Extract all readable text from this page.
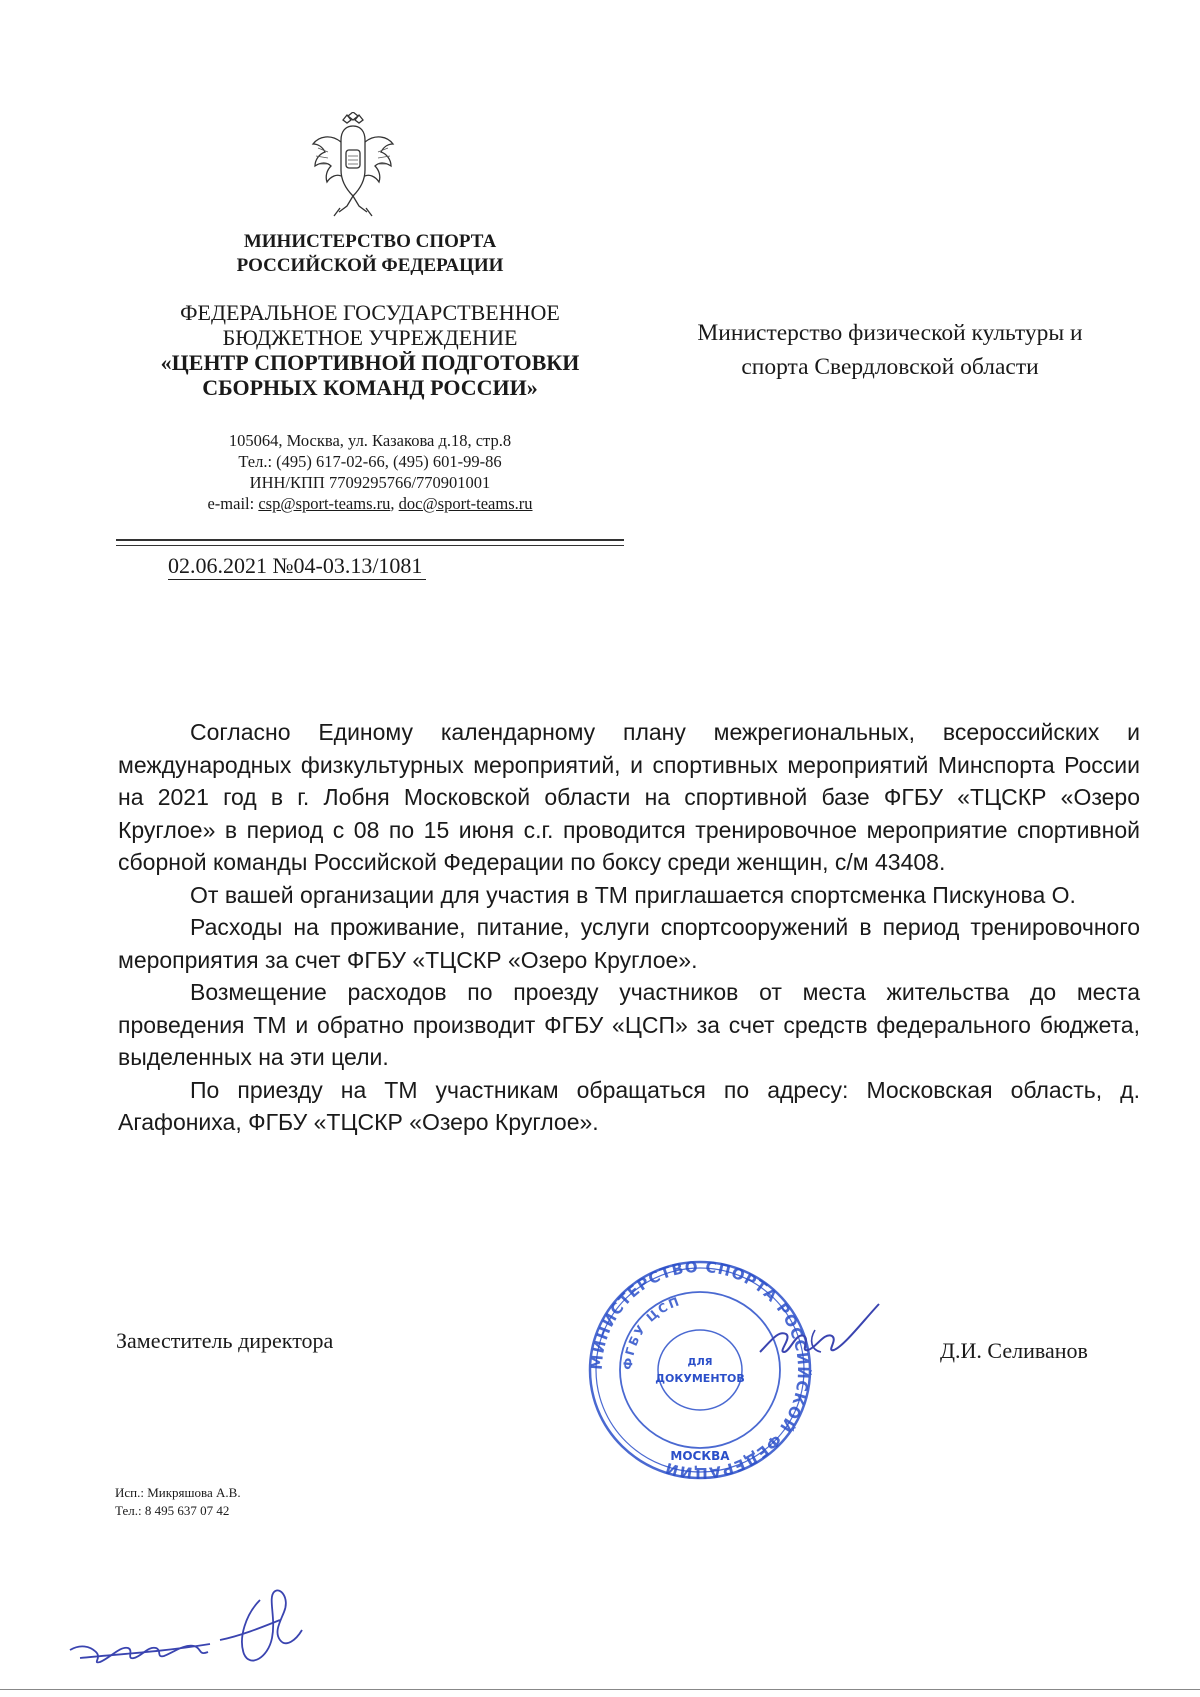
МИНИСТЕРСТВО СПОРТА
РОССИЙСКОЙ ФЕДЕРАЦИИ
ФЕДЕРАЛЬНОЕ ГОСУДАРСТВЕННОЕ
БЮДЖЕТНОЕ УЧРЕЖДЕНИЕ
«ЦЕНТР СПОРТИВНОЙ ПОДГОТОВКИ
СБОРНЫХ КОМАНД РОССИИ»
105064, Москва, ул. Казакова д.18, стр.8
Тел.: (495) 617-02-66, (495) 601-99-86
ИНН/КПП 7709295766/770901001
e-mail: csp@sport-teams.ru, doc@sport-teams.ru
02.06.2021 №04-03.13/1081
Министерство физической культуры и
спорта Свердловской области

Согласно Единому календарному плану межрегиональных, всероссийских и международных физкультурных мероприятий, и спортивных мероприятий Минспорта России на 2021 год в г. Лобня Московской области на спортивной базе ФГБУ «ТЦСКР «Озеро Круглое» в период с 08 по 15 июня с.г. проводится тренировочное мероприятие спортивной сборной команды Российской Федерации по боксу среди женщин, с/м 43408.

От вашей организации для участия в ТМ приглашается спортсменка Пискунова О.

Расходы на проживание, питание, услуги спортсооружений в период тренировочного мероприятия за счет ФГБУ «ТЦСКР «Озеро Круглое».

Возмещение расходов по проезду участников от места жительства до места проведения ТМ и обратно производит ФГБУ «ЦСП» за счет средств федерального бюджета, выделенных на эти цели.

По приезду на ТМ участникам обращаться по адресу: Московская область, д. Агафониха, ФГБУ «ТЦСКР «Озеро Круглое».

Заместитель директора	Д.И. Селиванов
МИНИСТЕРСТВО СПОРТА РОССИЙСКОЙ ФЕДЕРАЦИИ
ФГБУ ЦСП
ДЛЯ
ДОКУМЕНТОВ
МОСКВА
Исп.: Микряшова А.В.
Тел.: 8 495 637 07 42
